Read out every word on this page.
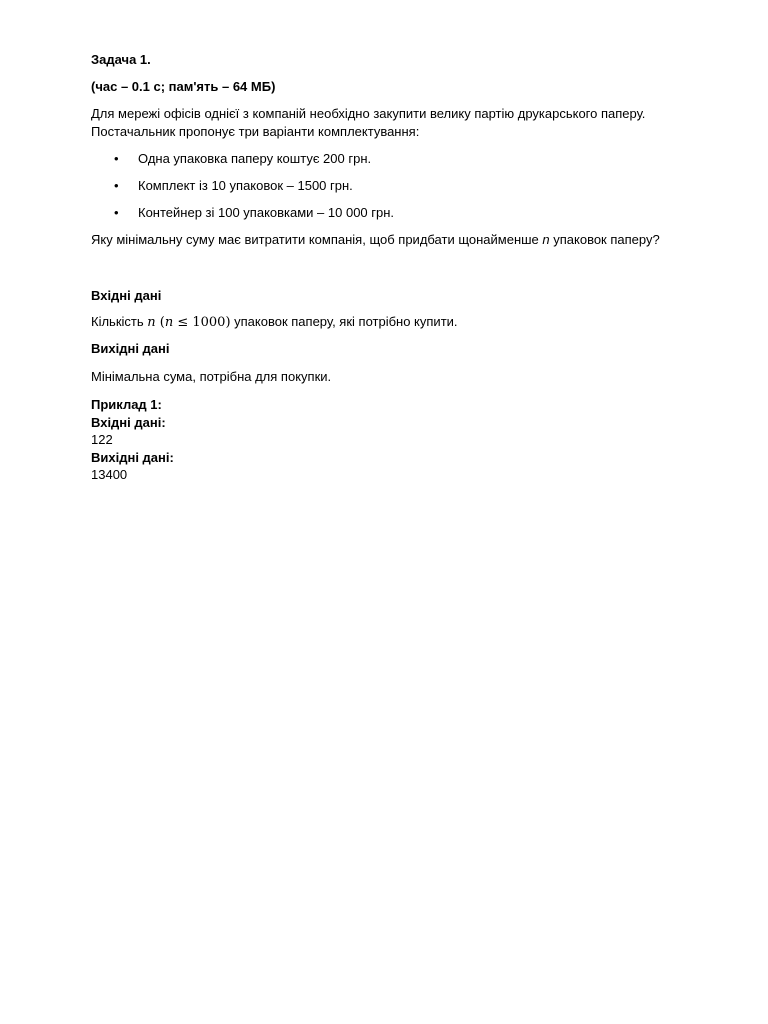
Задача 1.

(час – 0.1 с; пам'ять – 64 МБ)

Для мережі офісів однієї з компаній необхідно закупити велику партію друкарського паперу. Постачальник пропонує три варіанти комплектування:

• Одна упаковка паперу коштує 200 грн.
• Комплект із 10 упаковок – 1500 грн.
• Контейнер зі 100 упаковками – 10 000 грн.

Яку мінімальну суму має витратити компанія, щоб придбати щонайменше n упаковок паперу?

Вхідні дані

Кількість n (n ≤ 1000) упаковок паперу, які потрібно купити.

Вихідні дані

Мінімальна сума, потрібна для покупки.

Приклад 1:

Вхідні дані:

122

Вихідні дані:

13400
